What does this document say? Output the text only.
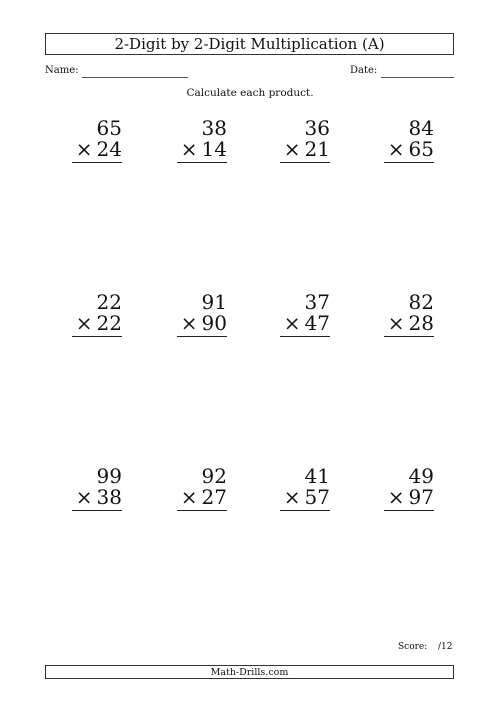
2-Digit by 2-Digit Multiplication (A)
Name:	Date:
Calculate each product.
65
× 24
38
× 14
36
× 21
84
× 65
22
× 22
91
× 90
37
× 47
82
× 28
99
× 38
92
× 27
41
× 57
49
× 97
Score: /12
Math-Drills.com
